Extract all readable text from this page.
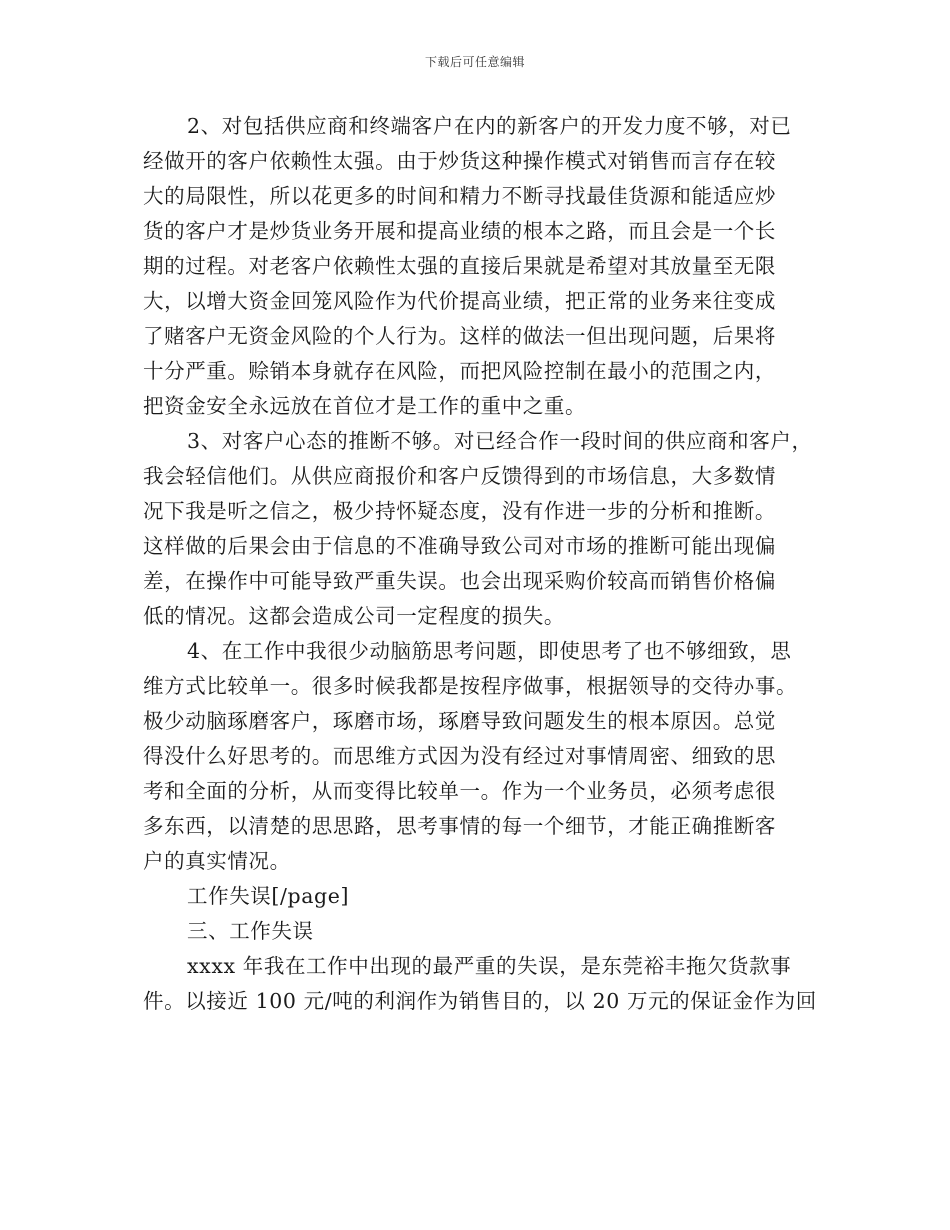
下载后可任意编辑
2、对包括供应商和终端客户在内的新客户的开发力度不够，对已
经做开的客户依赖性太强。由于炒货这种操作模式对销售而言存在较
大的局限性，所以花更多的时间和精力不断寻找最佳货源和能适应炒
货的客户才是炒货业务开展和提高业绩的根本之路，而且会是一个长
期的过程。对老客户依赖性太强的直接后果就是希望对其放量至无限
大，以增大资金回笼风险作为代价提高业绩，把正常的业务来往变成
了赌客户无资金风险的个人行为。这样的做法一但出现问题，后果将
十分严重。赊销本身就存在风险，而把风险控制在最小的范围之内，
把资金安全永远放在首位才是工作的重中之重。
3、对客户心态的推断不够。对已经合作一段时间的供应商和客户，
我会轻信他们。从供应商报价和客户反馈得到的市场信息，大多数情
况下我是听之信之，极少持怀疑态度，没有作进一步的分析和推断。
这样做的后果会由于信息的不准确导致公司对市场的推断可能出现偏
差，在操作中可能导致严重失误。也会出现采购价较高而销售价格偏
低的情况。这都会造成公司一定程度的损失。
4、在工作中我很少动脑筋思考问题，即使思考了也不够细致，思
维方式比较单一。很多时候我都是按程序做事，根据领导的交待办事。
极少动脑琢磨客户，琢磨市场，琢磨导致问题发生的根本原因。总觉
得没什么好思考的。而思维方式因为没有经过对事情周密、细致的思
考和全面的分析，从而变得比较单一。作为一个业务员，必须考虑很
多东西，以清楚的思思路，思考事情的每一个细节，才能正确推断客
户的真实情况。
工作失误[/page]
三、工作失误
xxxx 年我在工作中出现的最严重的失误，是东莞裕丰拖欠货款事
件。以接近 100 元/吨的利润作为销售目的，以 20 万元的保证金作为回
